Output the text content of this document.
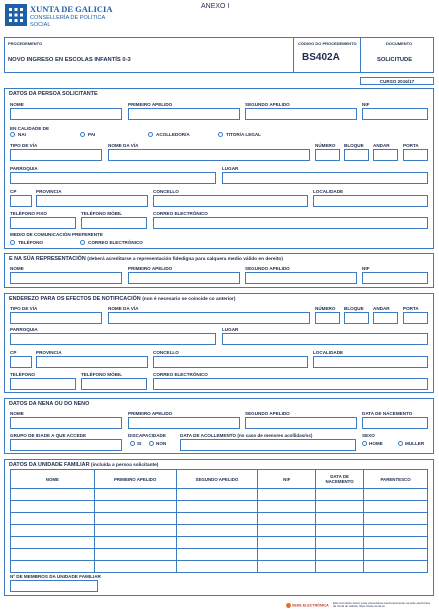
XUNTA DE GALICIA
CONSELLERÍA DE POLÍTICA
SOCIAL
ANEXO I
PROCEDEMENTO
NOVO INGRESO EN ESCOLAS INFANTÍS 0-3
CÓDIGO DO PROCEDEMENTO
BS402A
DOCUMENTO
SOLICITUDE
CURSO 2016/17
DATOS DA PERSOA SOLICITANTE
NOME	PRIMEIRO APELIDO	SEGUNDO APELIDO	NIF
EN CALIDADE DE
NAI	PAI	ACOLLEDOR/A	TITOR/A LEGAL
TIPO DE VÍA	NOME DA VÍA	NÚMERO BLOQUE ANDAR	PORTA
PARROQUIA	LUGAR
CP	PROVINCIA	CONCELLO	LOCALIDADE
TELÉFONO FIXO	TELÉFONO MÓBIL	CORREO ELECTRÓNICO
MEDIO DE COMUNICACIÓN PREFERENTE
TELÉFONO	CORREO ELECTRÓNICO
E NA SÚA REPRESENTACIÓN (deberá acreditarse a representación fidedigna para calquera medio válido en dereito)
NOME	PRIMEIRO APELIDO	SEGUNDO APELIDO	NIF
ENDEREZO PARA OS EFECTOS DE NOTIFICACIÓN (non é necesario se coincide co anterior)
TIPO DE VÍA	NOME DA VÍA	NÚMERO BLOQUE ANDAR	PORTA
PARROQUIA	LUGAR
CP	PROVINCIA	CONCELLO	LOCALIDADE
TELÉFONO	TELÉFONO MÓBIL	CORREO ELECTRÓNICO
DATOS DA NENA OU DO NENO
NOME	PRIMEIRO APELIDO	SEGUNDO APELIDO	DATA DE NACEMENTO
GRUPO DE IDADE A QUE ACCEDE	DISCAPACIDADE
SI	NON
DATA DE ACOLLEMENTO (no caso de menores acollidas/os)	SEXO
HOME	MULLER
DATOS DA UNIDADE FAMILIAR (incluída a persoa solicitante)
NOME	PRIMEIRO APELIDO	SEGUNDO APELIDO	NIF	DATA DE NACEMENTO	PARENTESCO

Nº DE MEMBROS DA UNIDADE FAMILIAR
SEDE ELECTRÓNICA
Este formulario tamén pode presentarse electronicamente na sede electrónica da Xunta de Galicia: https://sede.xunta.es
